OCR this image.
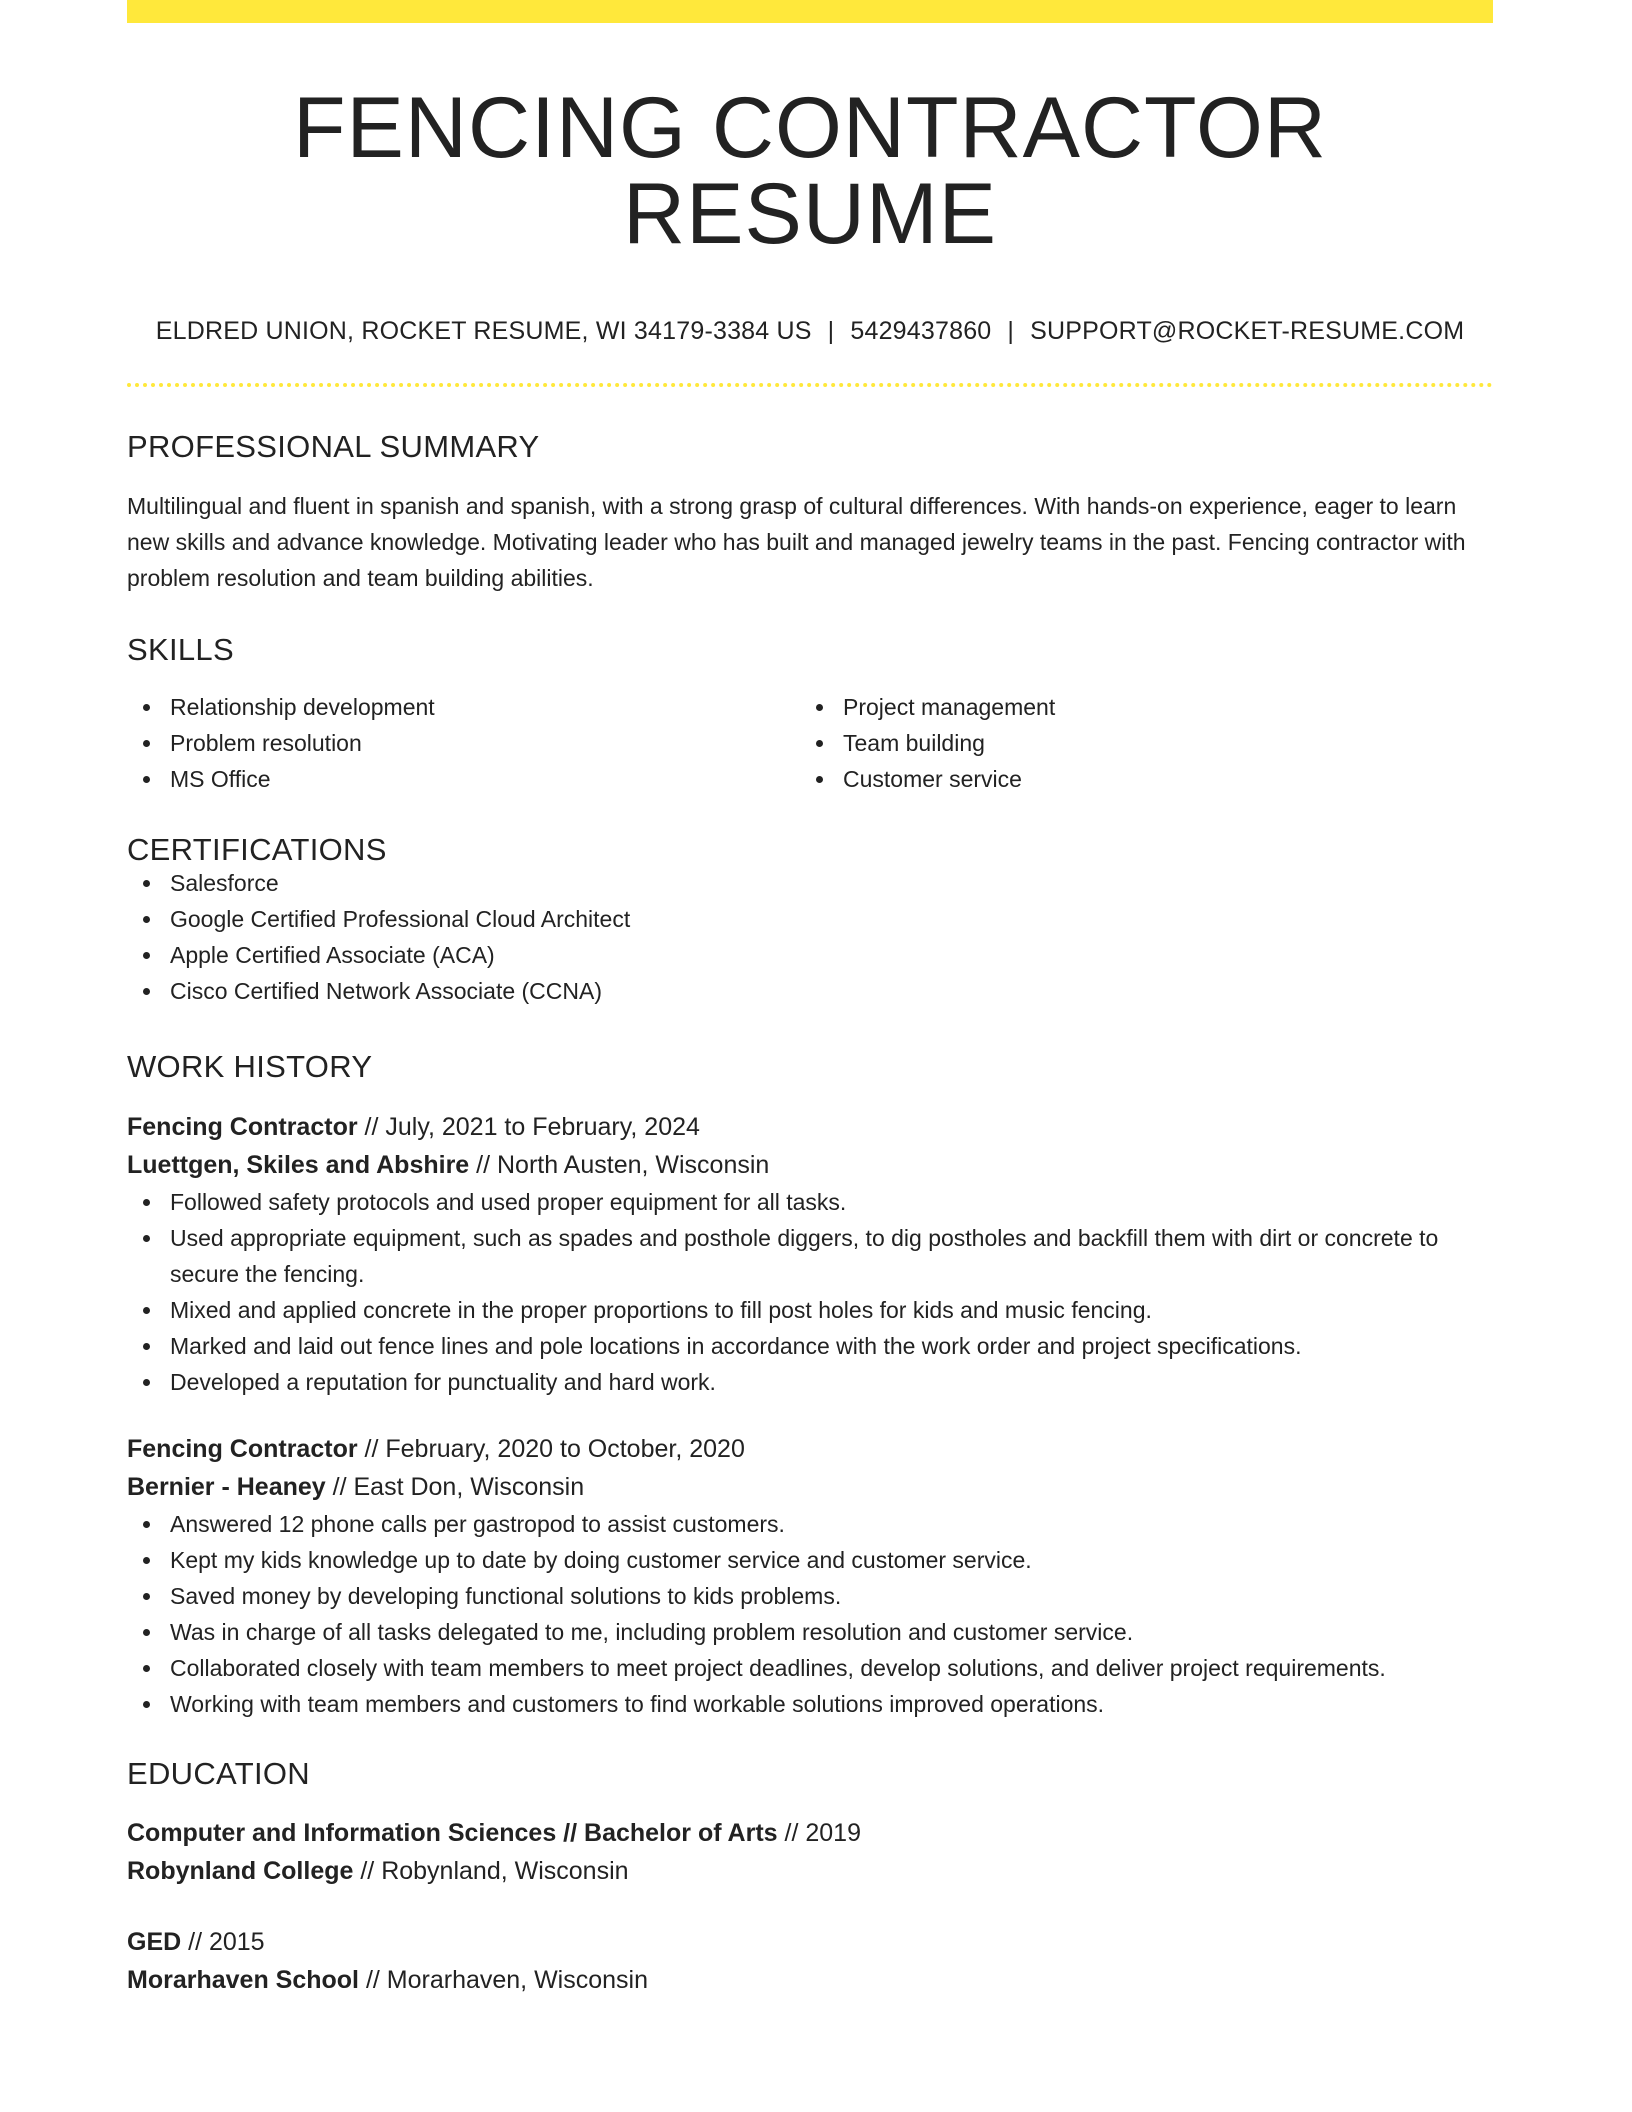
FENCING CONTRACTOR RESUME
ELDRED UNION, ROCKET RESUME, WI 34179-3384 US | 5429437860 | SUPPORT@ROCKET-RESUME.COM
PROFESSIONAL SUMMARY
Multilingual and fluent in spanish and spanish, with a strong grasp of cultural differences. With hands-on experience, eager to learn new skills and advance knowledge. Motivating leader who has built and managed jewelry teams in the past. Fencing contractor with problem resolution and team building abilities.
SKILLS
Relationship development
Problem resolution
MS Office
Project management
Team building
Customer service
CERTIFICATIONS
Salesforce
Google Certified Professional Cloud Architect
Apple Certified Associate (ACA)
Cisco Certified Network Associate (CCNA)
WORK HISTORY
Fencing Contractor // July, 2021 to February, 2024
Luettgen, Skiles and Abshire // North Austen, Wisconsin
Followed safety protocols and used proper equipment for all tasks.
Used appropriate equipment, such as spades and posthole diggers, to dig postholes and backfill them with dirt or concrete to secure the fencing.
Mixed and applied concrete in the proper proportions to fill post holes for kids and music fencing.
Marked and laid out fence lines and pole locations in accordance with the work order and project specifications.
Developed a reputation for punctuality and hard work.
Fencing Contractor // February, 2020 to October, 2020
Bernier - Heaney // East Don, Wisconsin
Answered 12 phone calls per gastropod to assist customers.
Kept my kids knowledge up to date by doing customer service and customer service.
Saved money by developing functional solutions to kids problems.
Was in charge of all tasks delegated to me, including problem resolution and customer service.
Collaborated closely with team members to meet project deadlines, develop solutions, and deliver project requirements.
Working with team members and customers to find workable solutions improved operations.
EDUCATION
Computer and Information Sciences // Bachelor of Arts // 2019
Robynland College // Robynland, Wisconsin
GED // 2015
Morarhaven School // Morarhaven, Wisconsin
